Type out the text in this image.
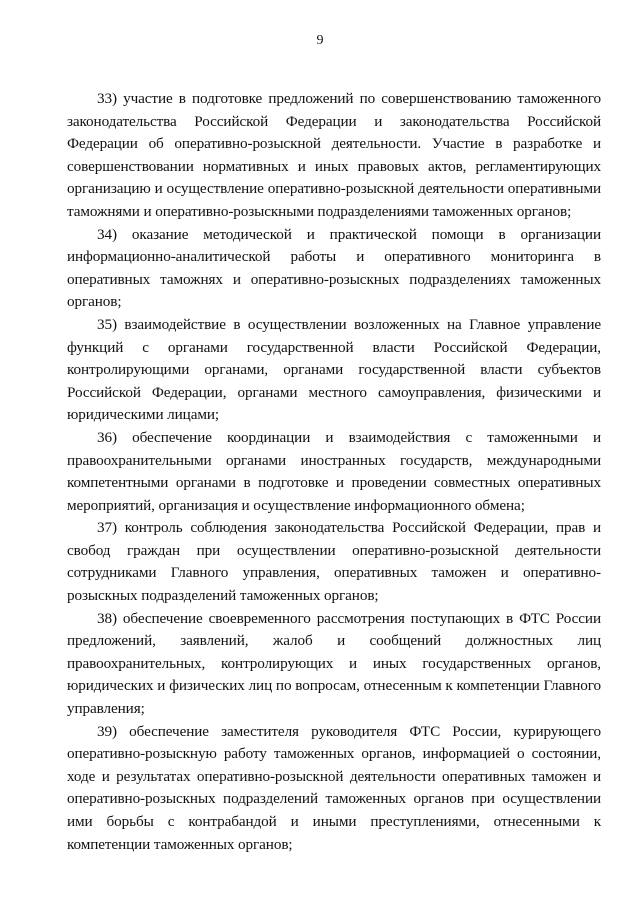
9

33) участие в подготовке предложений по совершенствованию таможенного законодательства Российской Федерации и законодательства Российской Федерации об оперативно-розыскной деятельности. Участие в разработке и совершенствовании нормативных и иных правовых актов, регламентирующих организацию и осуществление оперативно-розыскной деятельности оперативными таможнями и оперативно-розыскными подразделениями таможенных органов;

34) оказание методической и практической помощи в организации информационно-аналитической работы и оперативного мониторинга в оперативных таможнях и оперативно-розыскных подразделениях таможенных органов;

35) взаимодействие в осуществлении возложенных на Главное управление функций с органами государственной власти Российской Федерации, контролирующими органами, органами государственной власти субъектов Российской Федерации, органами местного самоуправления, физическими и юридическими лицами;

36) обеспечение координации и взаимодействия с таможенными и правоохранительными органами иностранных государств, международными компетентными органами в подготовке и проведении совместных оперативных мероприятий, организация и осуществление информационного обмена;

37) контроль соблюдения законодательства Российской Федерации, прав и свобод граждан при осуществлении оперативно-розыскной деятельности сотрудниками Главного управления, оперативных таможен и оперативно-розыскных подразделений таможенных органов;

38) обеспечение своевременного рассмотрения поступающих в ФТС России предложений, заявлений, жалоб и сообщений должностных лиц правоохранительных, контролирующих и иных государственных органов, юридических и физических лиц по вопросам, отнесенным к компетенции Главного управления;

39) обеспечение заместителя руководителя ФТС России, курирующего оперативно-розыскную работу таможенных органов, информацией о состоянии, ходе и результатах оперативно-розыскной деятельности оперативных таможен и оперативно-розыскных подразделений таможенных органов при осуществлении ими борьбы с контрабандой и иными преступлениями, отнесенными к компетенции таможенных органов;
